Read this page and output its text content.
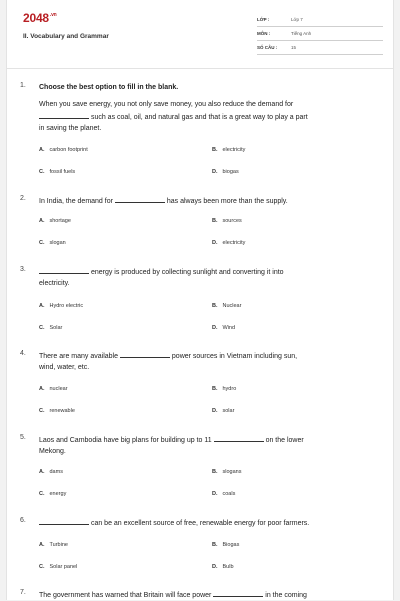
$2048^{.vn}$
II. Vocabulary and Grammar
LỚP :	Lớp 7
MÔN :	Tiếng Anh
SỐ CÂU :	15
1. Choose the best option to fill in the blank.
When you save energy, you not only save money, you also reduce the demand for
such as coal, oil, and natural gas and that is a great way to play a part
in saving the planet.
A. carbon footprint	B. electricity
C. fossil fuels	D. biogas
2. In India, the demand for	has always been more than the supply.
A. shortage	B. sources
C. slogan	D. electricity
3.	energy is produced by collecting sunlight and converting it into
electricity.
A. Hydro electric	B. Nuclear
C. Solar	D. Wind
4. There are many available	power sources in Vietnam including sun,
wind, water, etc.
A. nuclear	B. hydro
C. renewable	D. solar
5. Laos and Cambodia have big plans for building up to 11	on the lower
Mekong.
A. dams	B. slogans
C. energy	D. coals
6.	can be an excellent source of free, renewable energy for poor farmers.
A. Turbine	B. Biogas
C. Solar panel	D. Bulb
7. The government has warned that Britain will face power	in the coming
